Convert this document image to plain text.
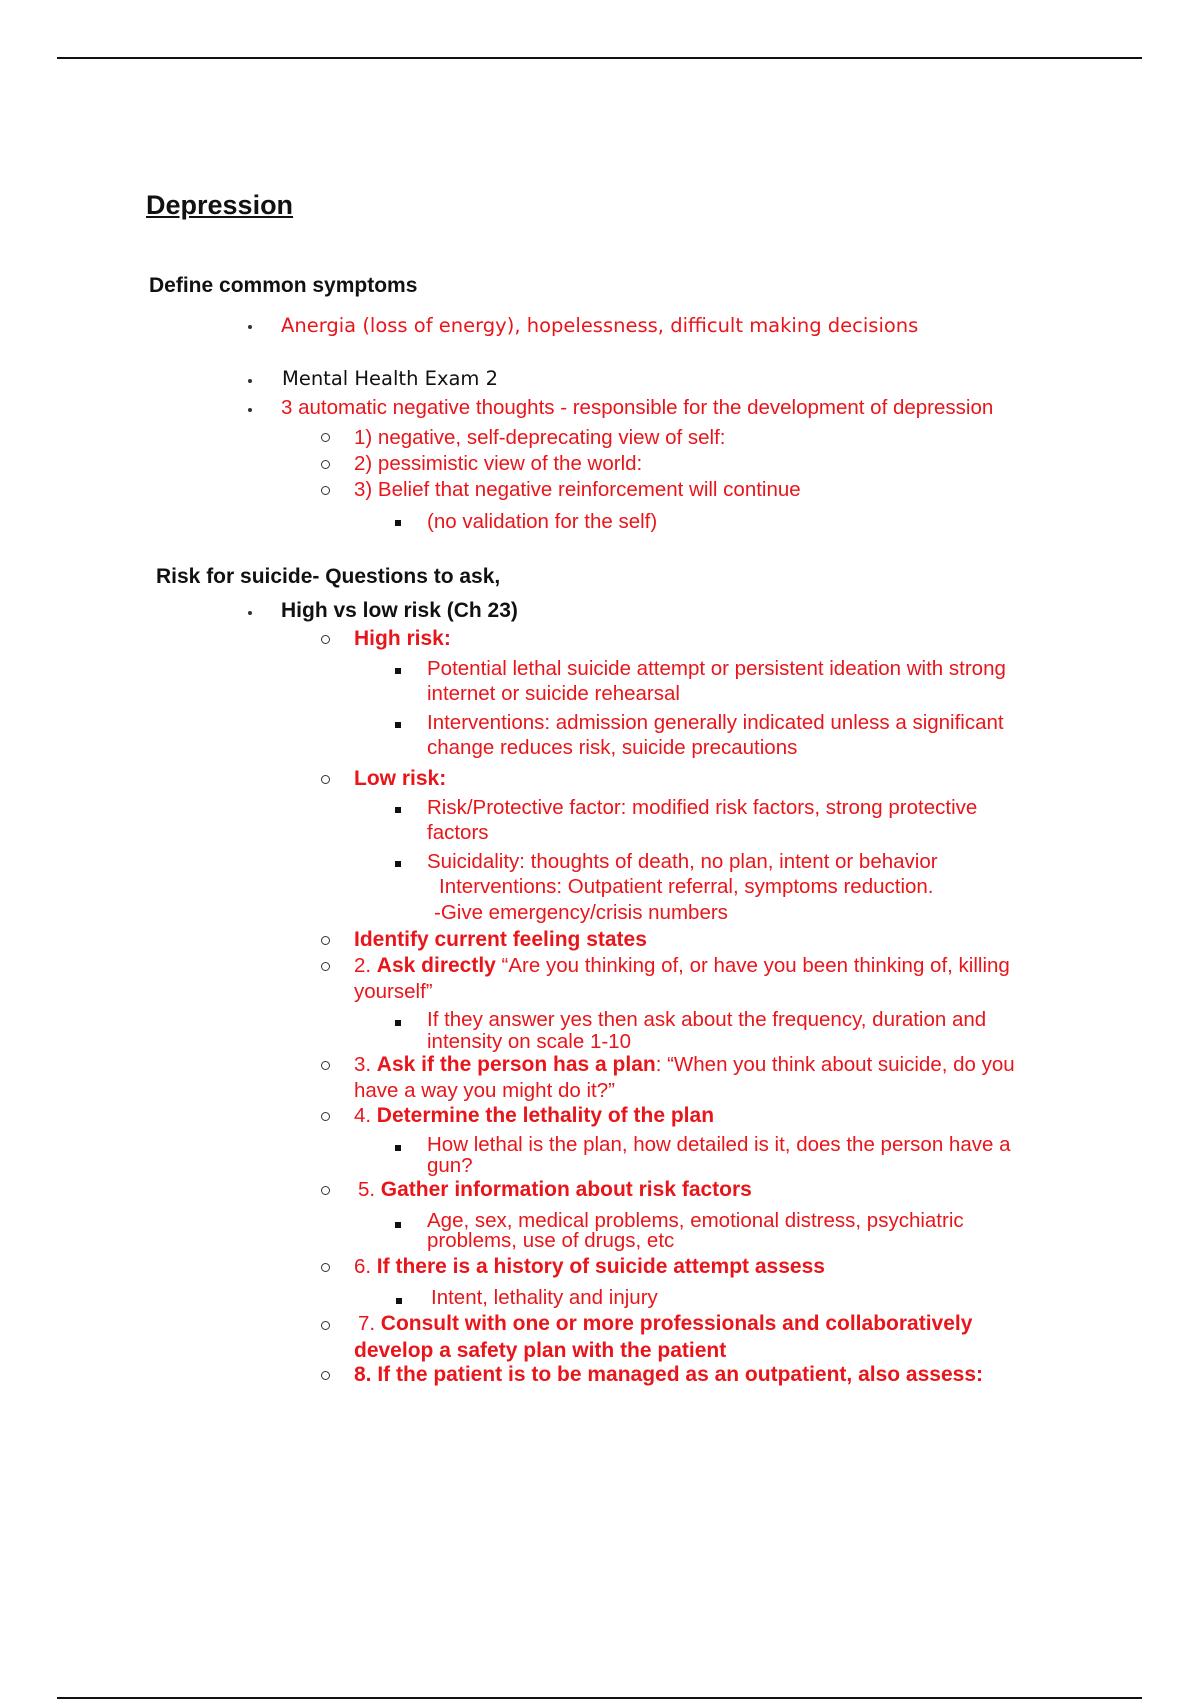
Depression
Define common symptoms
Anergia (loss of energy), hopelessness, difficult making decisions
Mental Health Exam 2
3 automatic negative thoughts - responsible for the development of depression
1) negative, self-deprecating view of self:
2) pessimistic view of the world:
3) Belief that negative reinforcement will continue
(no validation for the self)
Risk for suicide- Questions to ask,
High vs low risk (Ch 23)
High risk:
Potential lethal suicide attempt or persistent ideation with strong
internet or suicide rehearsal
Interventions: admission generally indicated unless a significant
change reduces risk, suicide precautions
Low risk:
Risk/Protective factor: modified risk factors, strong protective
factors
Suicidality: thoughts of death, no plan, intent or behavior
Interventions: Outpatient referral, symptoms reduction.
-Give emergency/crisis numbers
Identify current feeling states
2. Ask directly “Are you thinking of, or have you been thinking of, killing
yourself”
If they answer yes then ask about the frequency, duration and
intensity on scale 1-10
3. Ask if the person has a plan: “When you think about suicide, do you
have a way you might do it?”
4. Determine the lethality of the plan
How lethal is the plan, how detailed is it, does the person have a
gun?
5. Gather information about risk factors
Age, sex, medical problems, emotional distress, psychiatric
problems, use of drugs, etc
6. If there is a history of suicide attempt assess
Intent, lethality and injury
7. Consult with one or more professionals and collaboratively
develop a safety plan with the patient
8. If the patient is to be managed as an outpatient, also assess:
